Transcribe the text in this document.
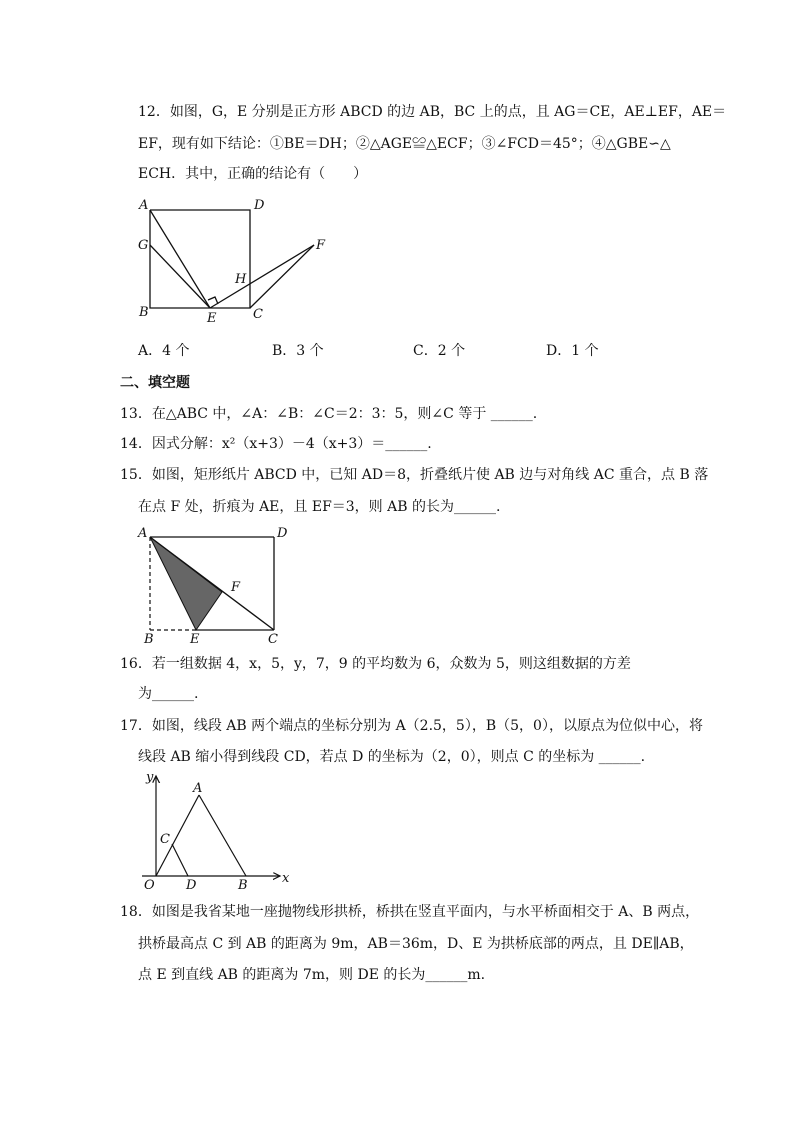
12．如图，G，E 分别是正方形 ABCD 的边 AB，BC 上的点，且 AG＝CE，AE⊥EF，AE＝
EF，现有如下结论：①BE＝DH；②△AGE≌△ECF；③∠FCD＝45°；④△GBE∽△
ECH．其中，正确的结论有（　　）
A	D
G	F
H
B	E	C
A．4 个	B．3 个	C．2 个	D．1 个
二、填空题
13．在△ABC 中，∠A：∠B：∠C＝2：3：5，则∠C 等于 ______.
14．因式分解：x²（x+3）－4（x+3）＝______.
15．如图，矩形纸片 ABCD 中，已知 AD＝8，折叠纸片使 AB 边与对角线 AC 重合，点 B 落
在点 F 处，折痕为 AE，且 EF＝3，则 AB 的长为______.
A	D
F
B	E	C
16．若一组数据 4，x，5，y，7，9 的平均数为 6，众数为 5，则这组数据的方差
为______.
17．如图，线段 AB 两个端点的坐标分别为 A（2.5，5），B（5，0），以原点为位似中心，将
线段 AB 缩小得到线段 CD，若点 D 的坐标为（2，0），则点 C 的坐标为 ______.
y
A
C
O D	B	x
18．如图是我省某地一座抛物线形拱桥，桥拱在竖直平面内，与水平桥面相交于 A、B 两点，
拱桥最高点 C 到 AB 的距离为 9m，AB＝36m，D、E 为拱桥底部的两点，且 DE∥AB，
点 E 到直线 AB 的距离为 7m，则 DE 的长为______m.
